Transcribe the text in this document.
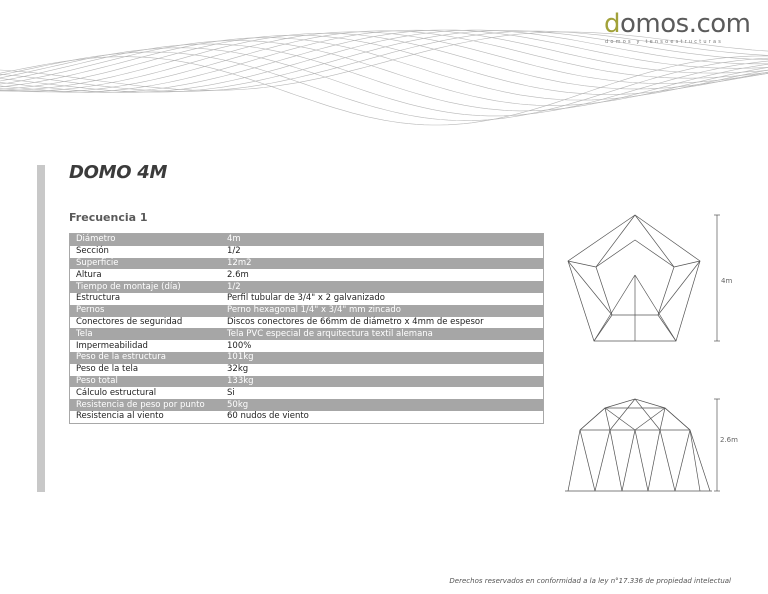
domos.com
domos y tensoestructuras
DOMO 4M
Frecuencia 1
Diámetro	4m
Sección	1/2
Superficie	12m2
Altura	2.6m
Tiempo de montaje (día)	1/2
Estructura	Perfil tubular de 3/4" x 2 galvanizado
Pernos	Perno hexagonal 1/4" x 3/4" mm zincado
Conectores de seguridad	Discos conectores de 66mm de diámetro x 4mm de espesor
Tela	Tela PVC especial de arquitectura textil alemana
Impermeabilidad	100%
Peso de la estructura	101kg
Peso de la tela	32kg
Peso total	133kg
Cálculo estructural	Si
Resistencia de peso por punto	50kg
Resistencia al viento	60 nudos de viento
4m
2.6m
Derechos reservados en conformidad a la ley n°17.336 de propiedad intelectual
